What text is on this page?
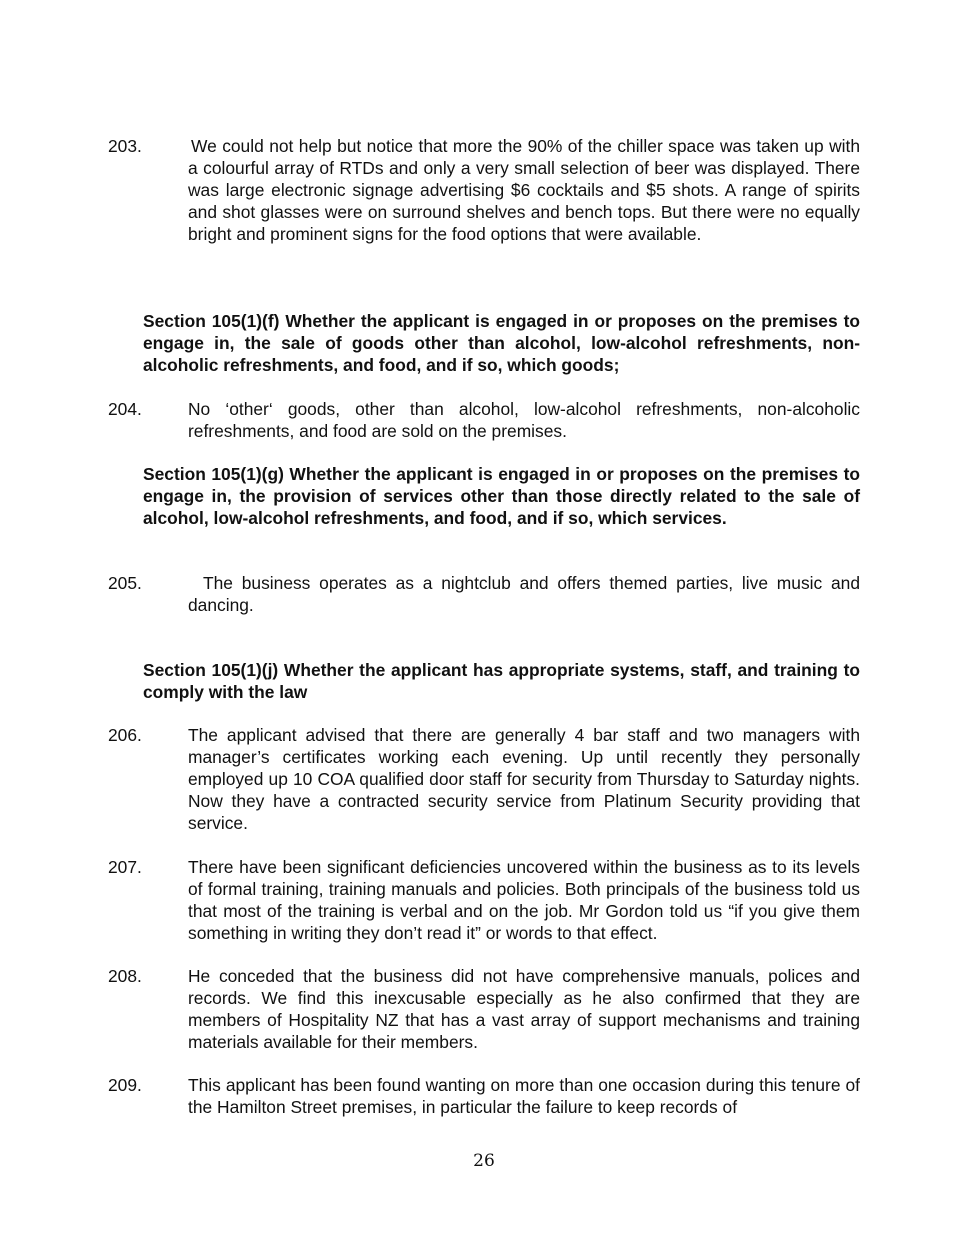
203.	We could not help but notice that more the 90% of the chiller space was taken up with a colourful array of RTDs and only a very small selection of beer was displayed. There was large electronic signage advertising $6 cocktails and $5 shots. A range of spirits and shot glasses were on surround shelves and bench tops. But there were no equally bright and prominent signs for the food options that were available.
Section 105(1)(f) Whether the applicant is engaged in or proposes on the premises to engage in, the sale of goods other than alcohol, low-alcohol refreshments, non-alcoholic refreshments, and food, and if so, which goods;
204.	No ‘other‘ goods, other than alcohol, low-alcohol refreshments, non-alcoholic refreshments, and food are sold on the premises.
Section 105(1)(g) Whether the applicant is engaged in or proposes on the premises to engage in, the provision of services other than those directly related to the sale of alcohol, low-alcohol refreshments, and food, and if so, which services.
205.	The business operates as a nightclub and offers themed parties, live music and dancing.
Section 105(1)(j) Whether the applicant has appropriate systems, staff, and training to comply with the law
206.	The applicant advised that there are generally 4 bar staff and two managers with manager’s certificates working each evening. Up until recently they personally employed up 10 COA qualified door staff for security from Thursday to Saturday nights. Now they have a contracted security service from Platinum Security providing that service.
207.	There have been significant deficiencies uncovered within the business as to its levels of formal training, training manuals and policies. Both principals of the business told us that most of the training is verbal and on the job. Mr Gordon told us “if you give them something in writing they don’t read it” or words to that effect.
208.	He conceded that the business did not have comprehensive manuals, polices and records. We find this inexcusable especially as he also confirmed that they are members of Hospitality NZ that has a vast array of support mechanisms and training materials available for their members.
209.	This applicant has been found wanting on more than one occasion during this tenure of the Hamilton Street premises, in particular the failure to keep records of
26
